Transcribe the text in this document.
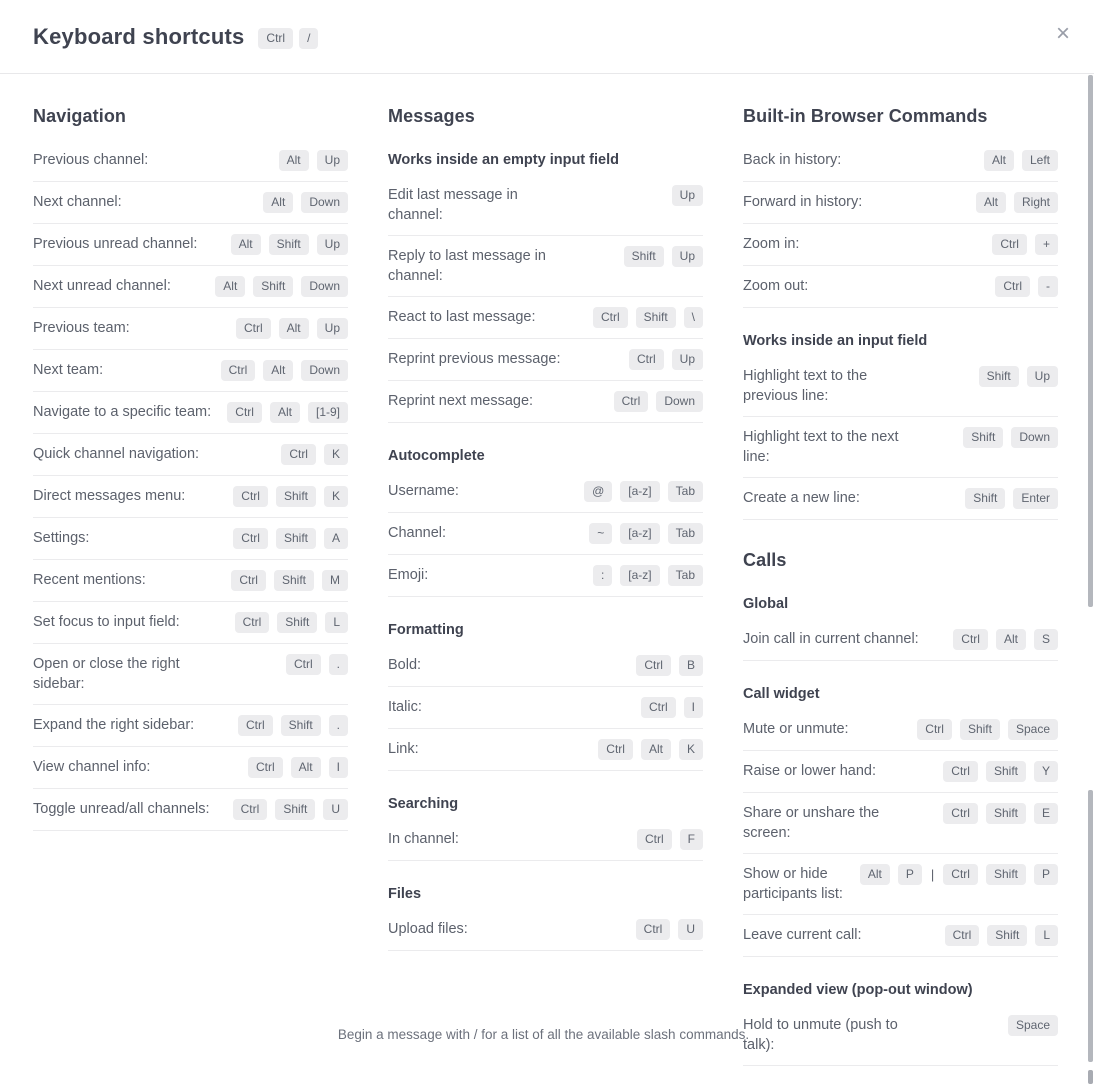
Keyboard shortcuts	Ctrl	/	×
Navigation
Previous channel:	Alt	Up
Next channel:	Alt	Down
Previous unread channel:	Alt	Shift	Up
Next unread channel:	Alt	Shift	Down
Previous team:	Ctrl	Alt	Up
Next team:	Ctrl	Alt	Down
Navigate to a specific team:	Ctrl	Alt	[1-9]
Quick channel navigation:	Ctrl	K
Direct messages menu:	Ctrl	Shift	K
Settings:	Ctrl	Shift	A
Recent mentions:	Ctrl	Shift	M
Set focus to input field:	Ctrl	Shift	L
Open or close the right sidebar:
Ctrl	.
Expand the right sidebar:	Ctrl	Shift	.
View channel info:	Ctrl	Alt	I
Toggle unread/all channels:	Ctrl	Shift	U
Messages
Works inside an empty input field
Edit last message in channel:
Up
Reply to last message in channel:
Shift	Up
React to last message:	Ctrl	Shift	\
Reprint previous message:	Ctrl	Up
Reprint next message:	Ctrl	Down
Autocomplete
Username:	@	[a-z]	Tab
Channel:	~	[a-z]	Tab
Emoji:	:	[a-z]	Tab
Formatting
Bold:	Ctrl	B
Italic:	Ctrl	I
Link:	Ctrl	Alt	K
Searching
In channel:	Ctrl	F
Files
Upload files:	Ctrl	U
Built-in Browser Commands
Back in history:	Alt	Left
Forward in history:	Alt	Right
Zoom in:	Ctrl	+
Zoom out:	Ctrl	-
Works inside an input field
Highlight text to the previous line:
Shift	Up
Highlight text to the next line:
Shift	Down
Create a new line:	Shift	Enter
Calls
Global
Join call in current channel:	Ctrl	Alt	S
Call widget
Mute or unmute:	Ctrl	Shift	Space
Raise or lower hand:	Ctrl	Shift	Y
Share or unshare the screen:
Ctrl	Shift	E
Show or hide participants list:
Alt	P	|	Ctrl	Shift	P
Leave current call:	Ctrl	Shift	L
Expanded view (pop-out window)
Hold to unmute (push to talk):
Space
Begin a message with / for a list of all the available slash commands.
